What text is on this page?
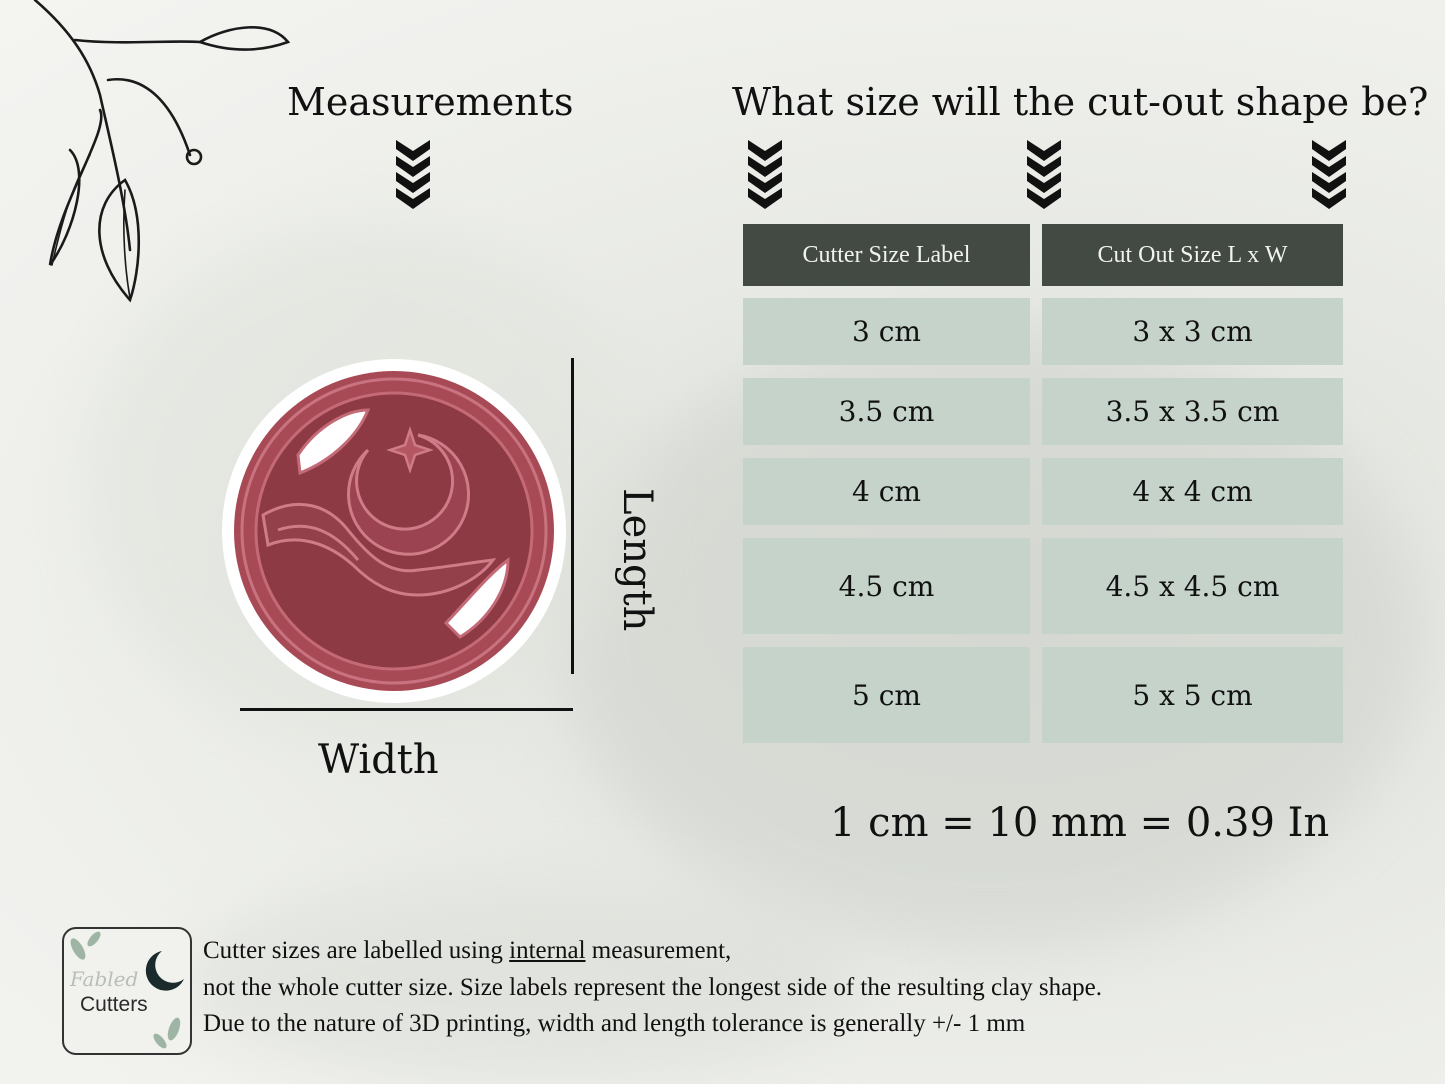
Measurements	What size will the cut-out shape be?
Length
Width
Cutter Size Label	Cut Out Size L x W
3 cm	3 x 3 cm
3.5 cm	3.5 x 3.5 cm
4 cm	4 x 4 cm
4.5 cm	4.5 x 4.5 cm
5 cm	5 x 5 cm
1 cm = 10 mm = 0.39 In
Fabled
Cutters
Cutter sizes are labelled using internal measurement,
not the whole cutter size. Size labels represent the longest side of the resulting clay shape.
Due to the nature of 3D printing, width and length tolerance is generally +/- 1 mm
